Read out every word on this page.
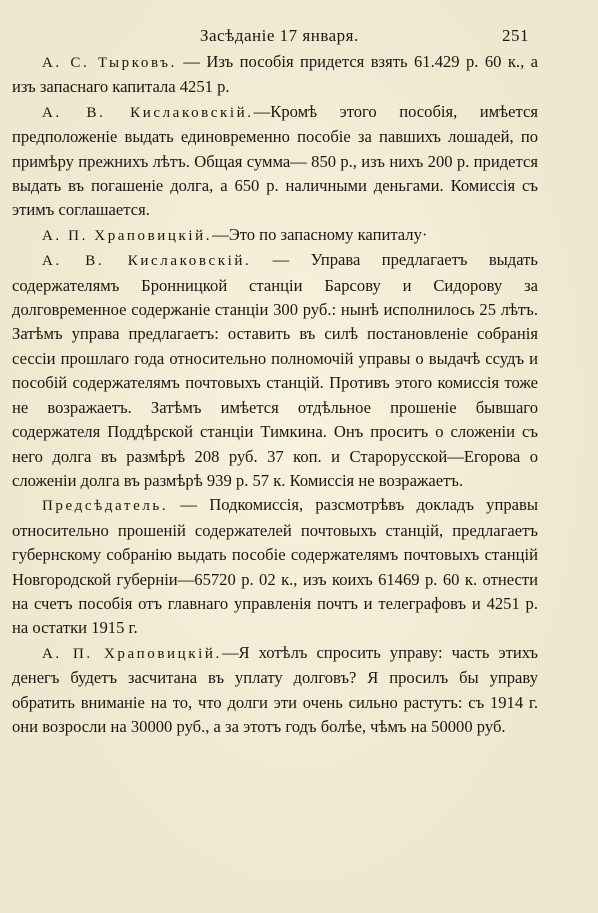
Засѣданіе 17 января.	251

А. С. Тырковъ. — Изъ пособія придется взять 61.429 р. 60 к., а изъ запаснаго капитала 4251 р.

А. В. Кислаковскій.—Кромѣ этого пособія, имѣется предположеніе выдать единовременно пособіе за павшихъ лошадей, по примѣру прежнихъ лѣтъ. Общая сумма— 850 р., изъ нихъ 200 р. придется выдать въ погашеніе долга, а 650 р. наличными деньгами. Комиссія съ этимъ соглашается.

А. П. Храповицкій.—Это по запасному капиталу·

А. В. Кислаковскій. — Управа предлагаетъ выдать содержателямъ Бронницкой станціи Барсову и Сидорову за долговременное содержаніе станціи 300 руб.: нынѣ исполнилось 25 лѣтъ. Затѣмъ управа предлагаетъ: оставить въ силѣ постановленіе собранія сессіи прошлаго года относительно полномочій управы о выдачѣ ссудъ и пособій содержателямъ почтовыхъ станцій. Противъ этого комиссія тоже не возражаетъ. Затѣмъ имѣется отдѣльное прошеніе бывшаго содержателя Поддѣрской станціи Тимкина. Онъ проситъ о сложеніи съ него долга въ размѣрѣ 208 руб. 37 коп. и Старорусской—Егорова о сложеніи долга въ размѣрѣ 939 р. 57 к. Комиссія не возражаетъ.

Предсѣдатель. — Подкомиссія, разсмотрѣвъ докладъ управы относительно прошеній содержателей почтовыхъ станцій, предлагаетъ губернскому собранію выдать пособіе содержателямъ почтовыхъ станцій Новгородской губерніи—65720 р. 02 к., изъ коихъ 61469 р. 60 к. отнести на счетъ пособія отъ главнаго управленія почтъ и телеграфовъ и 4251 р. на остатки 1915 г.

А. П. Храповицкій.—Я хотѣлъ спросить управу: часть этихъ денегъ будетъ засчитана въ уплату долговъ? Я просилъ бы управу обратить вниманіе на то, что долги эти очень сильно растутъ: съ 1914 г. они возросли на 30000 руб., а за этотъ годъ болѣе, чѣмъ на 50000 руб.
